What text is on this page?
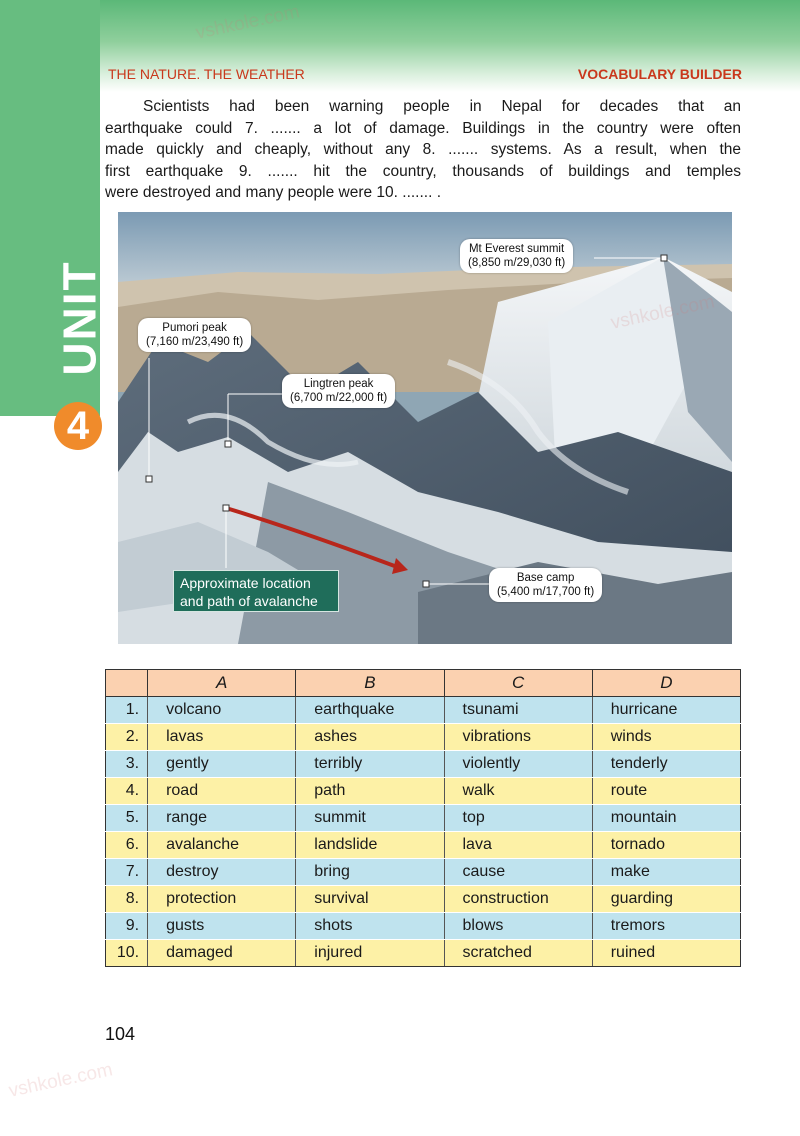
UNIT
4
THE NATURE. THE WEATHER	VOCABULARY BUILDER
Scientists had been warning people in Nepal for decades that an
earthquake could 7. ....... a lot of damage. Buildings in the country were often
made quickly and cheaply, without any 8. ....... systems. As a result, when the
first earthquake 9. ....... hit the country, thousands of buildings and temples
were destroyed and many people were 10. ....... .
Mt Everest summit
(8,850 m/29,030 ft)
Pumori peak
(7,160 m/23,490 ft)
Lingtren peak
(6,700 m/22,000 ft)
Base camp
(5,400 m/17,700 ft)
Approximate location
and path of avalanche
	A	B	C	D
1.	volcano	earthquake	tsunami	hurricane
2.	lavas	ashes	vibrations	winds
3.	gently	terribly	violently	tenderly
4.	road	path	walk	route
5.	range	summit	top	mountain
6.	avalanche	landslide	lava	tornado
7.	destroy	bring	cause	make
8.	protection	survival	construction	guarding
9.	gusts	shots	blows	tremors
10.	damaged	injured	scratched	ruined
104
vshkole.com
